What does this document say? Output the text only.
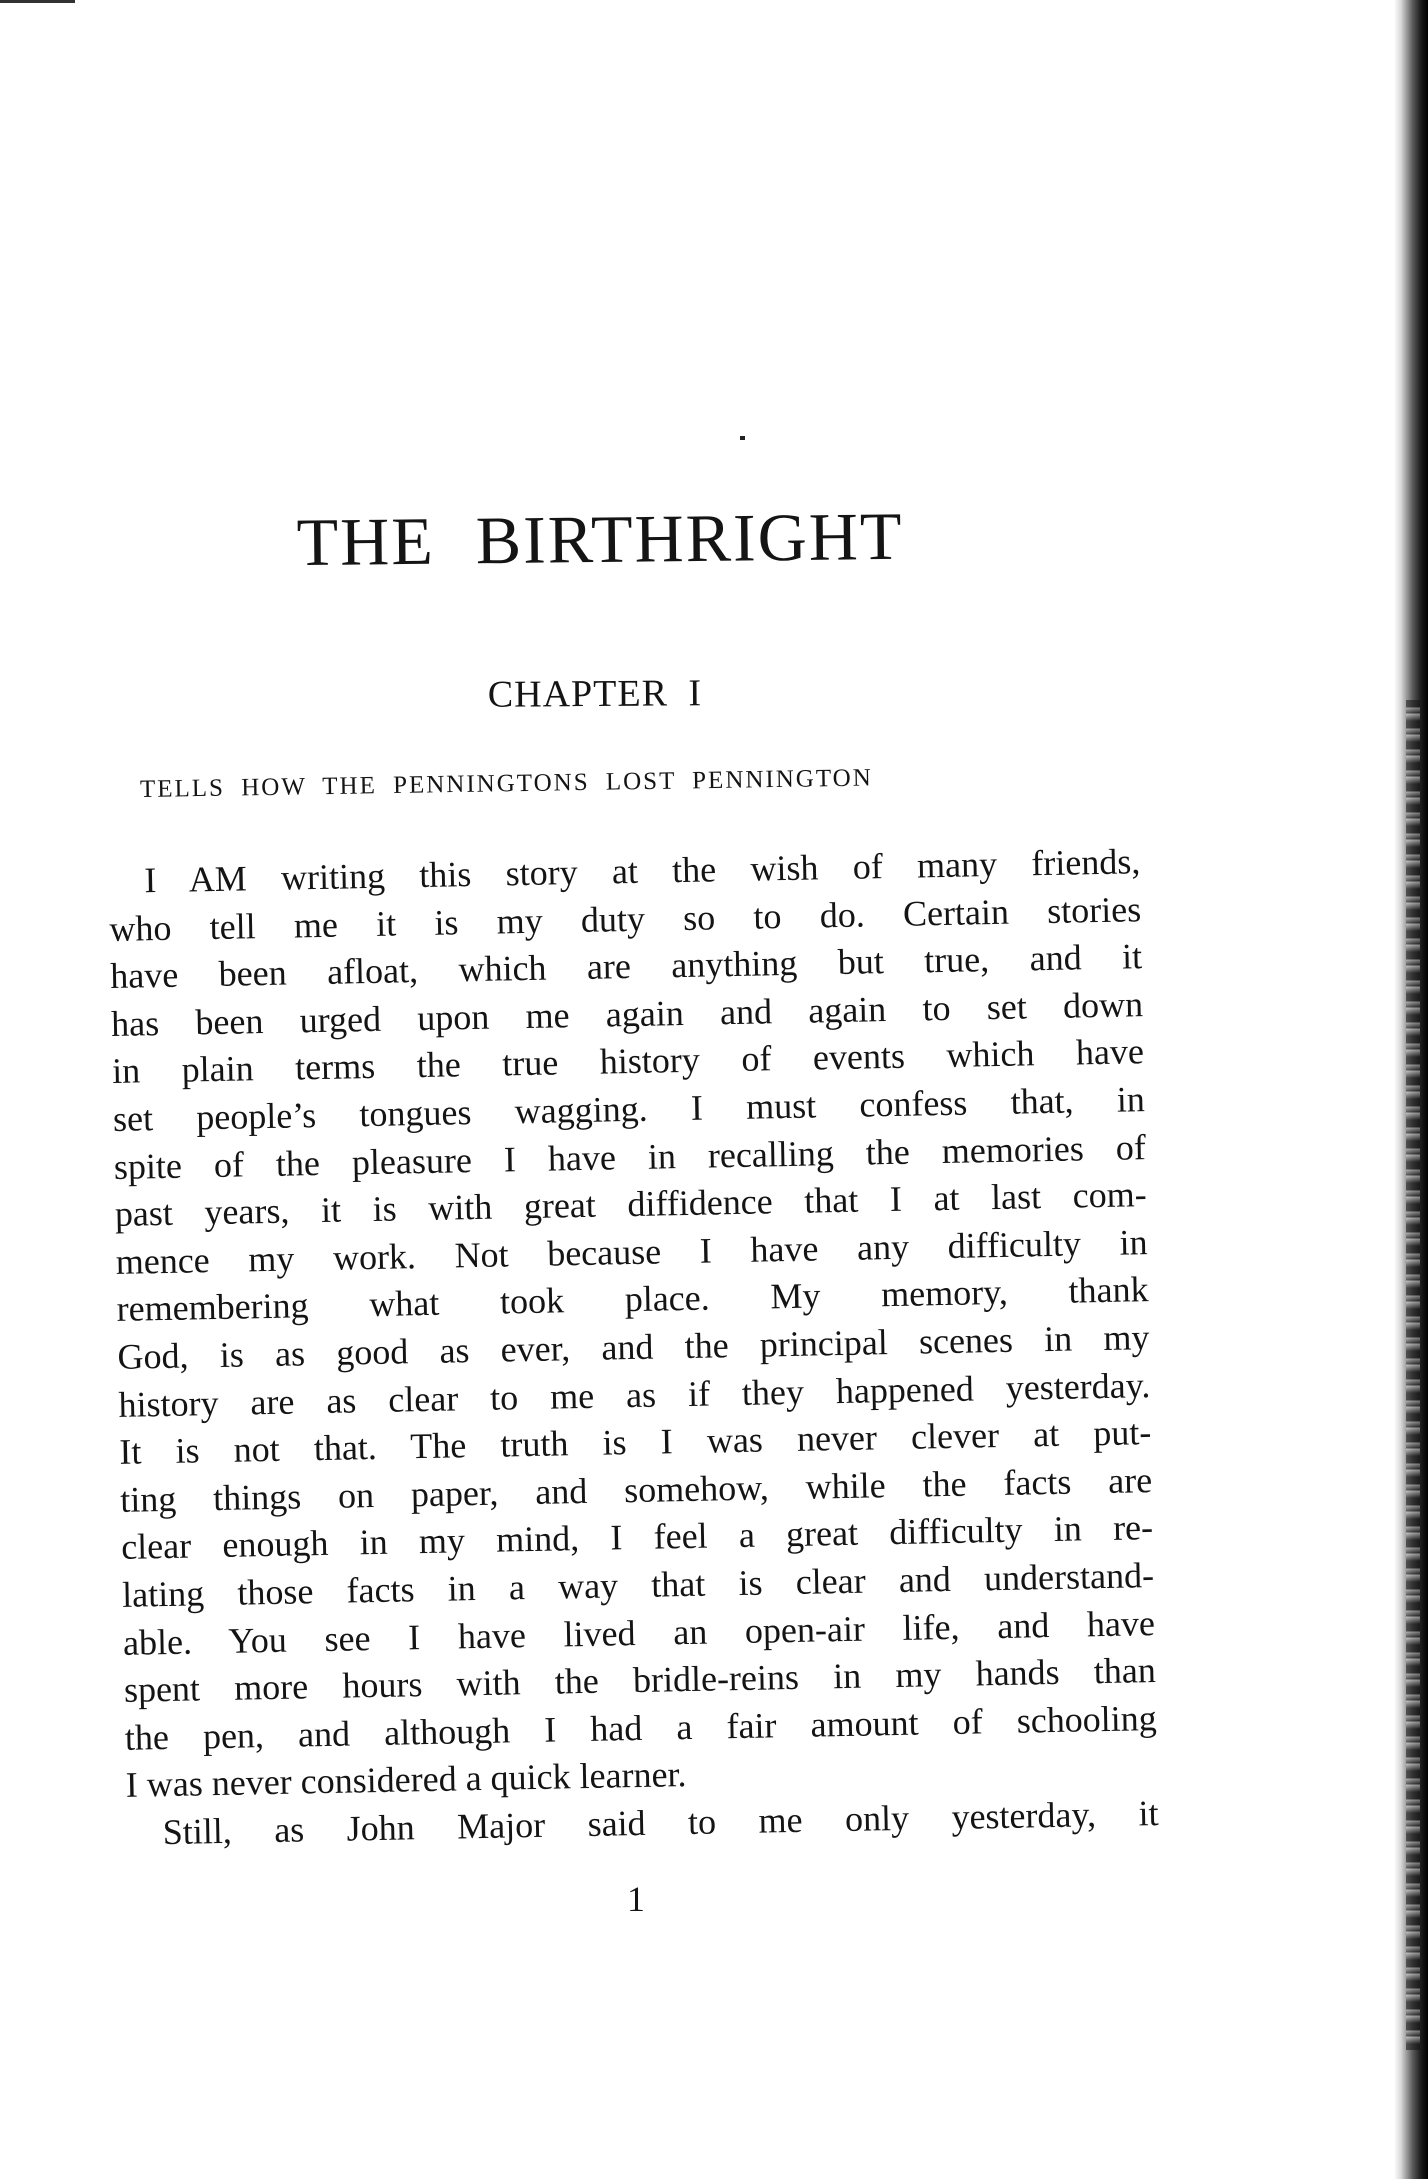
THE BIRTHRIGHT
CHAPTER I
TELLS HOW THE PENNINGTONS LOST PENNINGTON
I AM writing this story at the wish of many friends,
who tell me it is my duty so to do. Certain stories
have been afloat, which are anything but true, and it
has been urged upon me again and again to set down
in plain terms the true history of events which have
set people’s tongues wagging. I must confess that, in
spite of the pleasure I have in recalling the memories of
past years, it is with great diffidence that I at last com-
mence my work. Not because I have any difficulty in
remembering what took place. My memory, thank
God, is as good as ever, and the principal scenes in my
history are as clear to me as if they happened yesterday.
It is not that. The truth is I was never clever at put-
ting things on paper, and somehow, while the facts are
clear enough in my mind, I feel a great difficulty in re-
lating those facts in a way that is clear and understand-
able. You see I have lived an open-air life, and have
spent more hours with the bridle-reins in my hands than
the pen, and although I had a fair amount of schooling
I was never considered a quick learner.
Still, as John Major said to me only yesterday, it
1
